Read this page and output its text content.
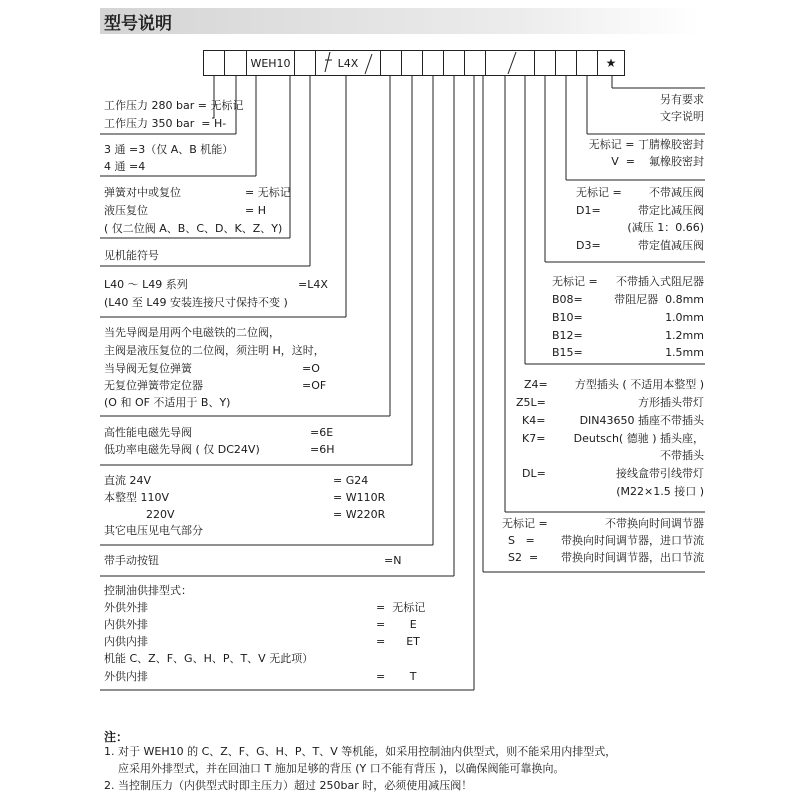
型号说明
WEH10	L4X	★
工作压力 280 bar = 无标记
工作压力 350 bar  = H-
3 通 =3（仅 A、B 机能）
4 通 =4
弹簧对中或复位	= 无标记
液压复位	= H
( 仅二位阀 A、B、C、D、K、Z、Y)
见机能符号
L40 ～ L49 系列	=L4X
(L40 至 L49 安装连接尺寸保持不变 )
当先导阀是用两个电磁铁的二位阀，
主阀是液压复位的二位阀，须注明 H，这时，
当导阀无复位弹簧	=O
无复位弹簧带定位器	=OF
(O 和 OF 不适用于 B、Y)
高性能电磁先导阀	=6E
低功率电磁先导阀 ( 仅 DC24V)	=6H
直流 24V	= G24
本整型 110V	= W110R
220V	= W220R
其它电压见电气部分
带手动按钮	=N
控制油供排型式：
外供外排	=  无标记
内供外排	=       E
内供内排	=      ET
机能 C、Z、F、G、H、P、T、V 无此项）
外供内排	=       T
另有要求
文字说明
无标记 = 丁腈橡胶密封
V  =    氟橡胶密封
无标记 = 不带减压阀
D1=	带定比减压阀
(减压 1：0.66)
D3=	带定值减压阀
无标记 = 不带插入式阻尼器
B08=	带阻尼器  0.8mm
B10=	1.0mm
B12=	1.2mm
B15=	1.5mm
Z4= 方型插头 ( 不适用本整型 )
Z5L=	方形插头带灯
K4=	DIN43650 插座不带插头
K7=	Deutsch( 德驰 ) 插头座，
不带插头
DL=	接线盒带引线带灯
(M22×1.5 接口 )
无标记 =	不带换向时间调节器
S   = 带换向时间调节器，进口节流
S2  = 带换向时间调节器，出口节流
注：
1. 对于 WEH10 的 C、Z、F、G、H、P、T、V 等机能，如采用控制油内供型式，则不能采用内排型式，
应采用外排型式，并在回油口 T 施加足够的背压 (Y 口不能有背压 )，以确保阀能可靠换向。
2. 当控制压力（内供型式时即主压力）超过 250bar 时，必须使用减压阀！
